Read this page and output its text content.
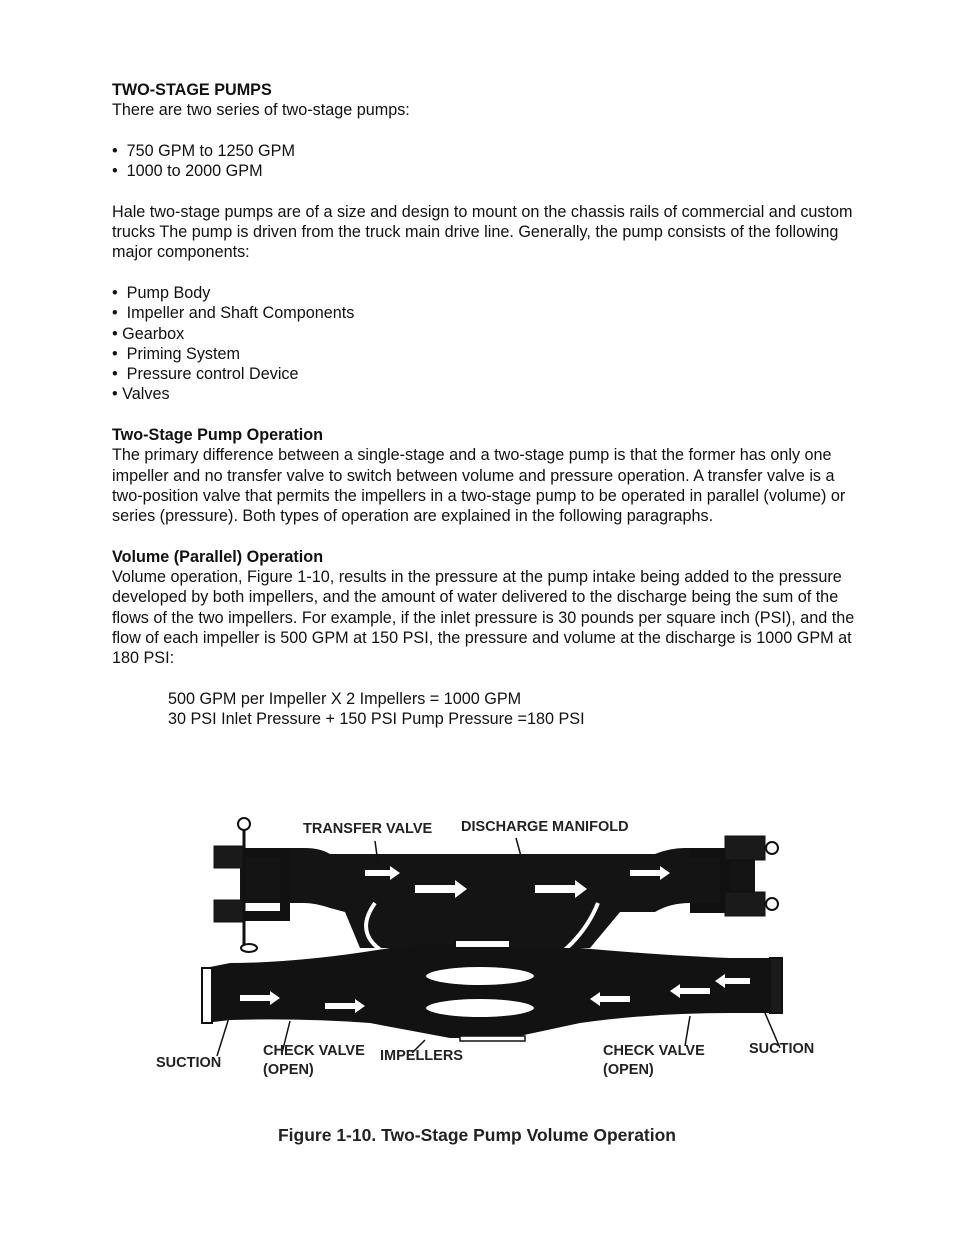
TWO-STAGE PUMPS

There are two series of two-stage pumps:

•  750 GPM to 1250 GPM
•  1000 to 2000 GPM

Hale two-stage pumps are of a size and design to mount on the chassis rails of commercial and custom trucks The pump is driven from the truck main drive line. Generally, the pump consists of the following major components:

•  Pump Body
•  Impeller and Shaft Components
• Gearbox
•  Priming System
•  Pressure control Device
• Valves

Two-Stage Pump Operation

The primary difference between a single-stage and a two-stage pump is that the former has only one impeller and no transfer valve to switch between volume and pressure operation. A transfer valve is a two-position valve that permits the impellers in a two-stage pump to be operated in parallel (volume) or series (pressure). Both types of operation are explained in the following paragraphs.

Volume (Parallel) Operation

Volume operation, Figure 1-10, results in the pressure at the pump intake being added to the pressure developed by both impellers, and the amount of water delivered to the discharge being the sum of the flows of the two impellers. For example, if the inlet pressure is 30 pounds per square inch (PSI), and the flow of each impeller is 500 GPM at 150 PSI, the pressure and volume at the discharge is 1000 GPM at 180 PSI:

500 GPM per Impeller X 2 Impellers = 1000 GPM

30 PSI Inlet Pressure + 150 PSI Pump Pressure =180 PSI

TRANSFER VALVE DISCHARGE MANIFOLD
SUCTION
CHECK VALVE
(OPEN)
IMPELLERS	CHECK VALVE
(OPEN)
SUCTION
Figure 1-10. Two-Stage Pump Volume Operation
